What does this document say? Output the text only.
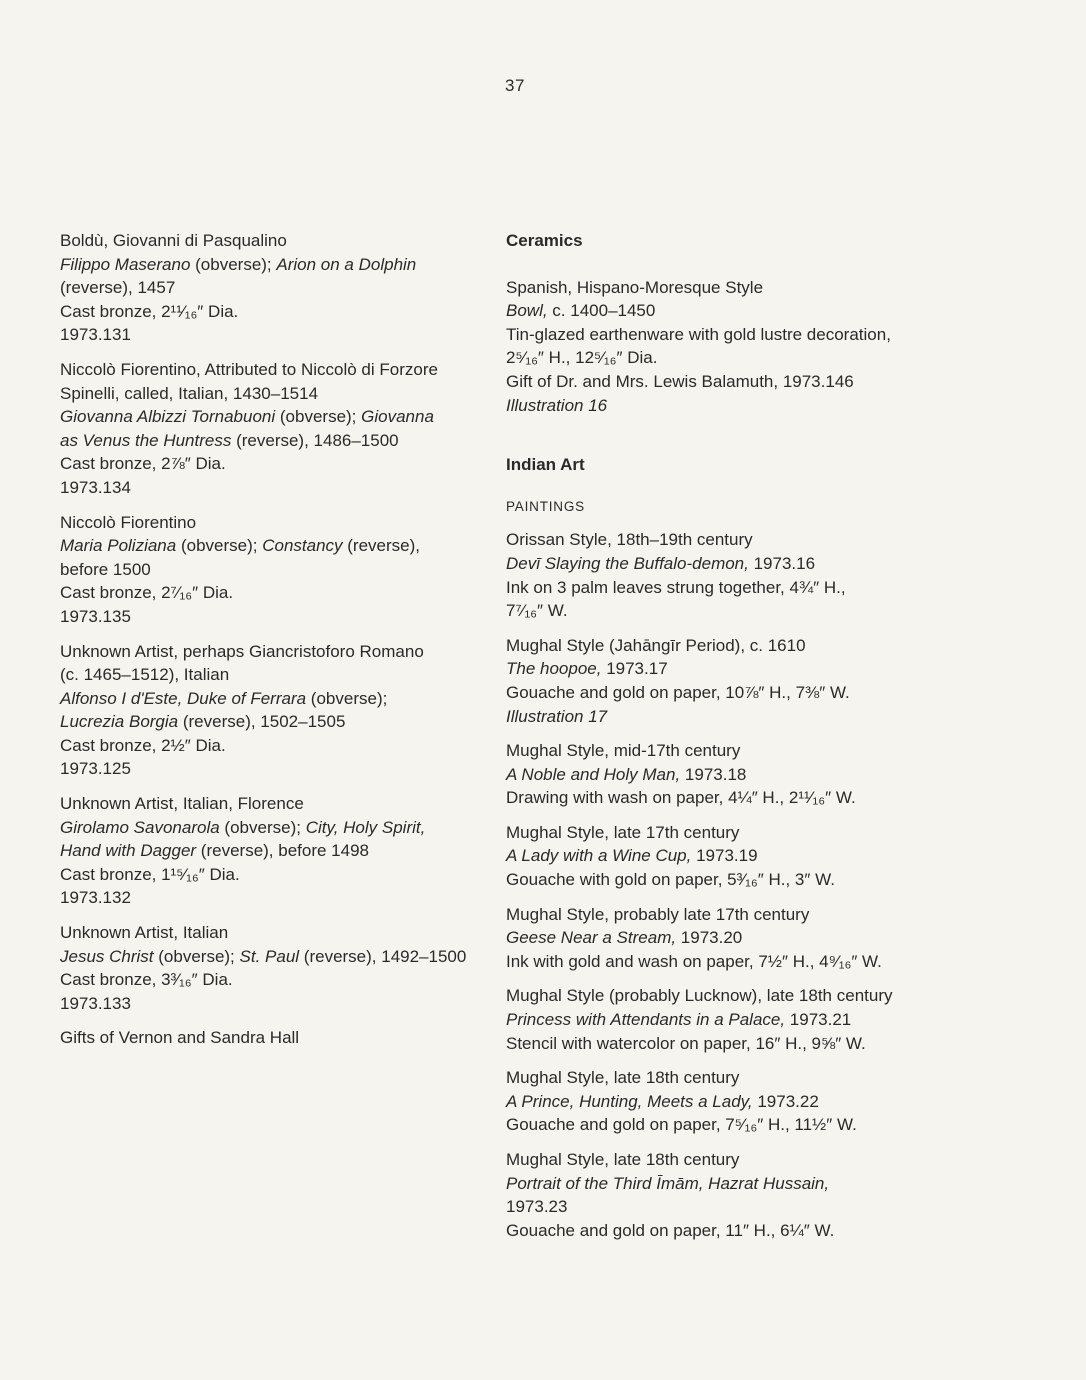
37
Boldù, Giovanni di Pasqualino
Filippo Maserano (obverse); Arion on a Dolphin
(reverse), 1457
Cast bronze, 2¹¹⁄₁₆″ Dia.
1973.131
Niccolò Fiorentino, Attributed to Niccolò di Forzore
Spinelli, called, Italian, 1430–1514
Giovanna Albizzi Tornabuoni (obverse); Giovanna
as Venus the Huntress (reverse), 1486–1500
Cast bronze, 2⅞″ Dia.
1973.134
Niccolò Fiorentino
Maria Poliziana (obverse); Constancy (reverse),
before 1500
Cast bronze, 2⁷⁄₁₆″ Dia.
1973.135
Unknown Artist, perhaps Giancristoforo Romano
(c. 1465–1512), Italian
Alfonso I d'Este, Duke of Ferrara (obverse);
Lucrezia Borgia (reverse), 1502–1505
Cast bronze, 2½″ Dia.
1973.125
Unknown Artist, Italian, Florence
Girolamo Savonarola (obverse); City, Holy Spirit,
Hand with Dagger (reverse), before 1498
Cast bronze, 1¹⁵⁄₁₆″ Dia.
1973.132
Unknown Artist, Italian
Jesus Christ (obverse); St. Paul (reverse), 1492–1500
Cast bronze, 3³⁄₁₆″ Dia.
1973.133
Gifts of Vernon and Sandra Hall
Ceramics
Spanish, Hispano-Moresque Style
Bowl, c. 1400–1450
Tin-glazed earthenware with gold lustre decoration,
2⁵⁄₁₆″ H., 12⁵⁄₁₆″ Dia.
Gift of Dr. and Mrs. Lewis Balamuth, 1973.146
Illustration 16
Indian Art
PAINTINGS
Orissan Style, 18th–19th century
Devī Slaying the Buffalo-demon, 1973.16
Ink on 3 palm leaves strung together, 4¾″ H.,
7⁷⁄₁₆″ W.
Mughal Style (Jahāngīr Period), c. 1610
The hoopoe, 1973.17
Gouache and gold on paper, 10⅞″ H., 7⅜″ W.
Illustration 17
Mughal Style, mid-17th century
A Noble and Holy Man, 1973.18
Drawing with wash on paper, 4¼″ H., 2¹¹⁄₁₆″ W.
Mughal Style, late 17th century
A Lady with a Wine Cup, 1973.19
Gouache with gold on paper, 5³⁄₁₆″ H., 3″ W.
Mughal Style, probably late 17th century
Geese Near a Stream, 1973.20
Ink with gold and wash on paper, 7½″ H., 4⁹⁄₁₆″ W.
Mughal Style (probably Lucknow), late 18th century
Princess with Attendants in a Palace, 1973.21
Stencil with watercolor on paper, 16″ H., 9⅝″ W.
Mughal Style, late 18th century
A Prince, Hunting, Meets a Lady, 1973.22
Gouache and gold on paper, 7⁵⁄₁₆″ H., 11½″ W.
Mughal Style, late 18th century
Portrait of the Third Īmām, Hazrat Hussain,
1973.23
Gouache and gold on paper, 11″ H., 6¼″ W.
